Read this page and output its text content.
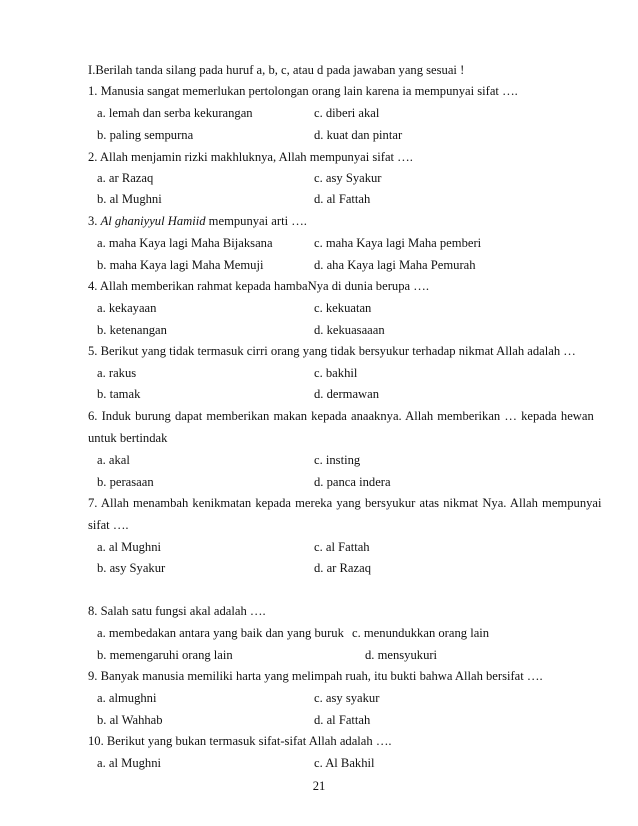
I.Berilah tanda silang pada huruf a, b, c, atau d pada jawaban yang sesuai !
1. Manusia sangat memerlukan pertolongan orang lain karena ia mempunyai sifat ….
a. lemah dan serba kekurangan	c. diberi akal
b. paling sempurna	d. kuat dan pintar
2. Allah menjamin rizki makhluknya, Allah mempunyai sifat ….
a. ar Razaq	c. asy Syakur
b. al Mughni	d. al Fattah
3. Al ghaniyyul Hamiid mempunyai arti ….
a. maha Kaya lagi Maha Bijaksana	c. maha Kaya lagi Maha pemberi
b. maha Kaya lagi Maha Memuji	d. aha Kaya lagi Maha Pemurah
4. Allah memberikan rahmat kepada hambaNya di dunia berupa ….
a. kekayaan	c. kekuatan
b. ketenangan	d. kekuasaaan
5. Berikut yang tidak termasuk cirri orang yang tidak bersyukur terhadap nikmat Allah adalah …
a. rakus	c. bakhil
b. tamak	d. dermawan
6. Induk burung dapat memberikan makan kepada anaaknya. Allah memberikan … kepada hewan
untuk bertindak
a. akal	c. insting
b. perasaan	d. panca indera
7. Allah menambah kenikmatan kepada mereka yang bersyukur atas nikmat Nya. Allah mempunyai
sifat ….
a. al Mughni	c. al Fattah
b. asy Syakur	d. ar Razaq
8. Salah satu fungsi akal adalah ….
a. membedakan antara yang baik dan yang buruk c. menundukkan orang lain
b. memengaruhi orang lain	d. mensyukuri
9. Banyak manusia memiliki harta yang melimpah ruah, itu bukti bahwa Allah bersifat ….
a. almughni	c. asy syakur
b. al Wahhab	d. al Fattah
10. Berikut yang bukan termasuk sifat-sifat Allah adalah ….
a. al Mughni	c. Al Bakhil
21
